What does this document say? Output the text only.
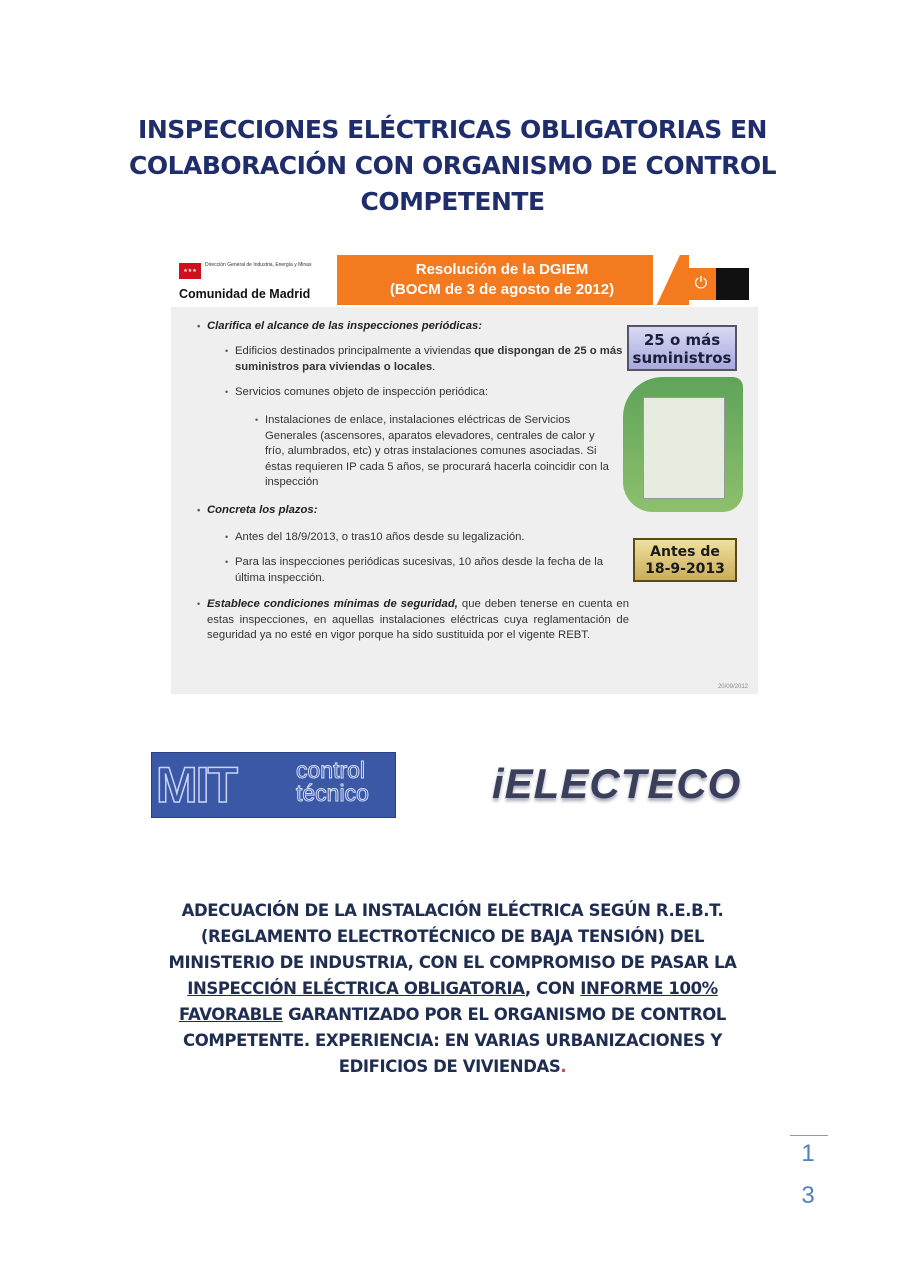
INSPECCIONES ELÉCTRICAS OBLIGATORIAS EN COLABORACIÓN CON ORGANISMO DE CONTROL COMPETENTE
★★★
Dirección General de Industria, Energía y Minas
Comunidad de Madrid
Resolución de la DGIEM
(BOCM de 3 de agosto de 2012)	⏻
• Clarifica el alcance de las inspecciones periódicas:
• Edificios destinados principalmente a viviendas que dispongan de 25 o más suministros para viviendas o locales.
• Servicios comunes objeto de inspección periódica:
• Instalaciones de enlace, instalaciones eléctricas de Servicios Generales (ascensores, aparatos elevadores, centrales de calor y frío, alumbrados, etc) y otras instalaciones comunes asociadas. Si éstas requieren IP cada 5 años, se procurará hacerla coincidir con la inspección
• Concreta los plazos:
• Antes del 18/9/2013, o tras10 años desde su legalización.
• Para las inspecciones periódicas sucesivas, 10 años desde la fecha de la última inspección.
• Establece condiciones mínimas de seguridad, que deben tenerse en cuenta en estas inspecciones, en aquellas instalaciones eléctricas cuya reglamentación de seguridad ya no esté en vigor porque ha sido sustituida por el vigente REBT.
25 o más
suministros
Antes de
18-9-2013
20/09/2012
MIT	control
técnico	iELECTECO
ADECUACIÓN DE LA INSTALACIÓN ELÉCTRICA SEGÚN R.E.B.T. (REGLAMENTO ELECTROTÉCNICO DE BAJA TENSIÓN) DEL MINISTERIO DE INDUSTRIA, CON EL COMPROMISO DE PASAR LA INSPECCIÓN ELÉCTRICA OBLIGATORIA, CON INFORME 100% FAVORABLE GARANTIZADO POR EL ORGANISMO DE CONTROL COMPETENTE. EXPERIENCIA: EN VARIAS URBANIZACIONES Y EDIFICIOS DE VIVIENDAS.
1
3
